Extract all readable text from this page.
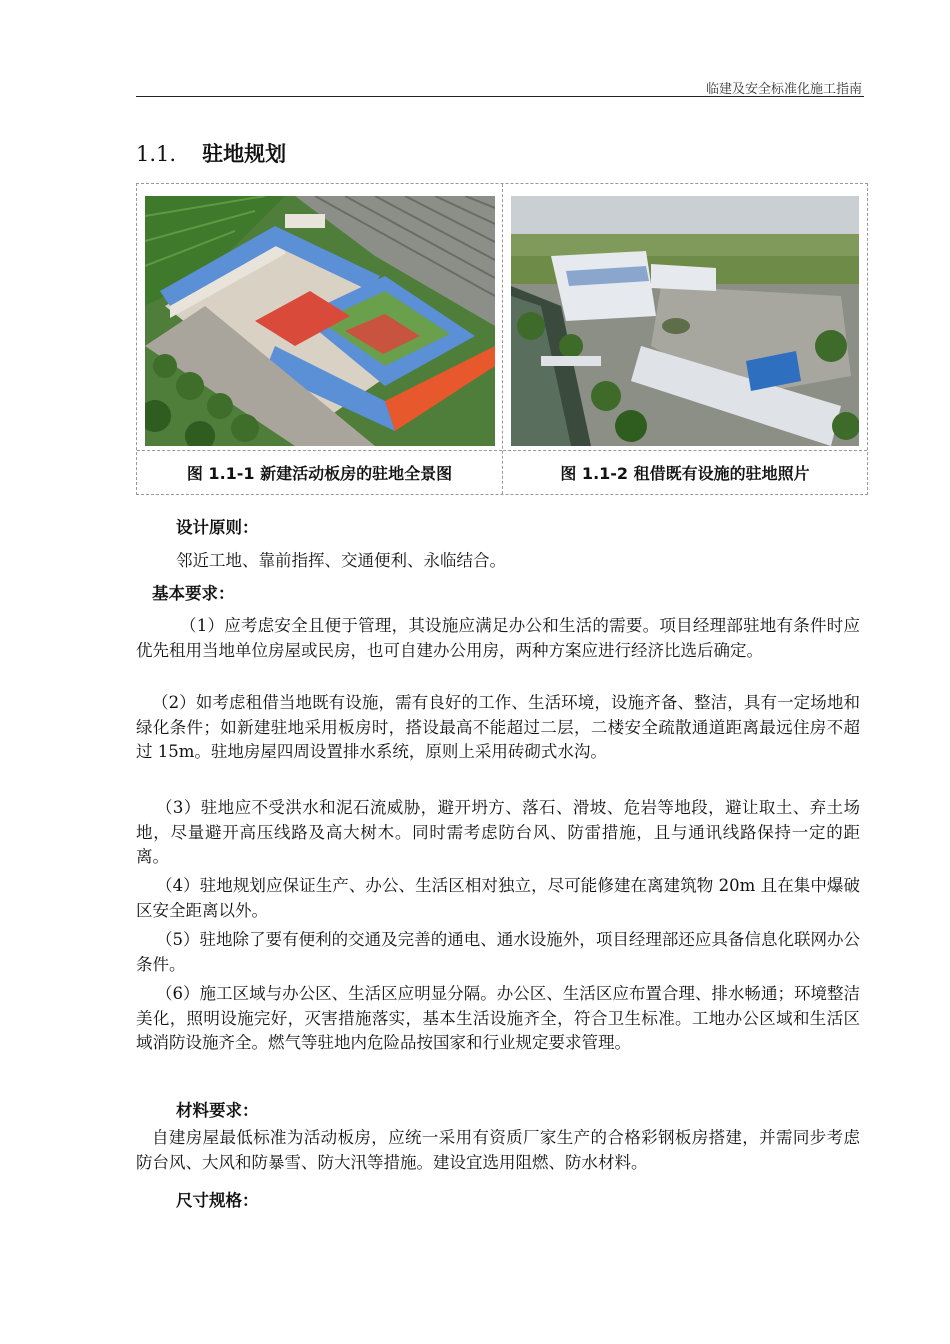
临建及安全标准化施工指南
1.1. 驻地规划
图 1.1-1 新建活动板房的驻地全景图	图 1.1-2 租借既有设施的驻地照片
设计原则：
邻近工地、靠前指挥、交通便利、永临结合。
基本要求：
（1）应考虑安全且便于管理，其设施应满足办公和生活的需要。项目经理部驻地有条件时应优先租用当地单位房屋或民房，也可自建办公用房，两种方案应进行经济比选后确定。
（2）如考虑租借当地既有设施，需有良好的工作、生活环境，设施齐备、整洁，具有一定场地和绿化条件；如新建驻地采用板房时，搭设最高不能超过二层，二楼安全疏散通道距离最远住房不超过 15m。驻地房屋四周设置排水系统，原则上采用砖砌式水沟。
（3）驻地应不受洪水和泥石流威胁，避开坍方、落石、滑坡、危岩等地段，避让取土、弃土场地，尽量避开高压线路及高大树木。同时需考虑防台风、防雷措施，且与通讯线路保持一定的距离。
（4）驻地规划应保证生产、办公、生活区相对独立，尽可能修建在离建筑物 20m 且在集中爆破区安全距离以外。
（5）驻地除了要有便利的交通及完善的通电、通水设施外，项目经理部还应具备信息化联网办公条件。
（6）施工区域与办公区、生活区应明显分隔。办公区、生活区应布置合理、排水畅通；环境整洁美化，照明设施完好，灭害措施落实，基本生活设施齐全，符合卫生标准。工地办公区域和生活区域消防设施齐全。燃气等驻地内危险品按国家和行业规定要求管理。
材料要求：
自建房屋最低标准为活动板房，应统一采用有资质厂家生产的合格彩钢板房搭建，并需同步考虑防台风、大风和防暴雪、防大汛等措施。建设宜选用阻燃、防水材料。
尺寸规格：
